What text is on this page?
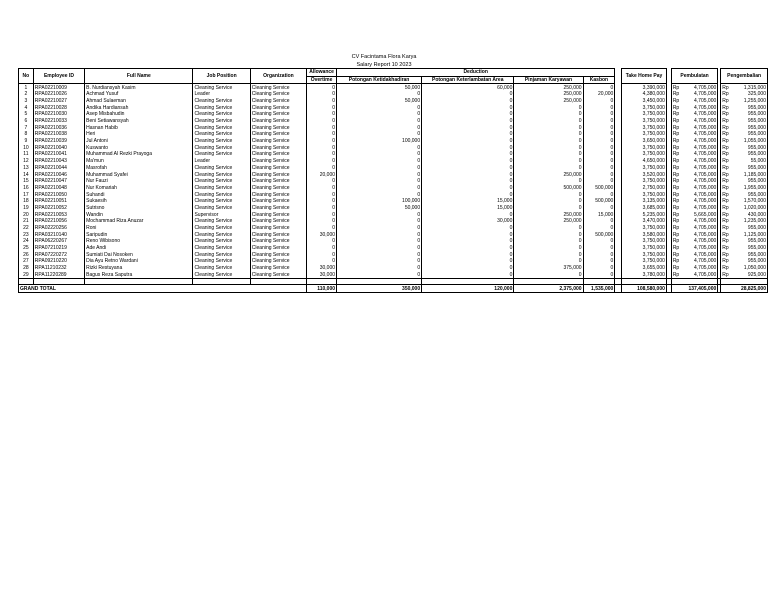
CV Facintama Flora Karya
Salary Report 10 2023
No	Employee ID	Full Name	Job Position	Organization	Allowance	Deduction					Take Home Pay		Pembulatan			Pengembalian	
					Overtime	Potongan Ketidakhadiran	Potongan Keterlambatan Area	Pinjaman Karyawan	Kasbon								
1	RPA02210009	B. Nurdiansyah Kasim	Cleaning Service	Cleaning Service	0	50,000	60,000	250,000	0		3,390,000		Rp	4,705,000		Rp	1,315,000
2	RPA02210026	Achmad Yusuf	Leader	Cleaning Service	0	0	0	250,000	20,000		4,380,000		Rp	4,705,000		Rp	325,000
3	RPA02210027	Ahmad Sulaeman	Cleaning Service	Cleaning Service	0	50,000	0	250,000	0		3,450,000		Rp	4,705,000		Rp	1,255,000
4	RPA02210028	Andika Hardiansah	Cleaning Service	Cleaning Service	0	0	0	0	0		3,750,000		Rp	4,705,000		Rp	955,000
5	RPA02210030	Asep Misbahudin	Cleaning Service	Cleaning Service	0	0	0	0	0		3,750,000		Rp	4,705,000		Rp	955,000
6	RPA02210033	Beni Setiawansyah	Cleaning Service	Cleaning Service	0	0	0	0	0		3,750,000		Rp	4,705,000		Rp	955,000
7	RPA02210036	Hasnan Habib	Cleaning Service	Cleaning Service	0	0	0	0	0		3,750,000		Rp	4,705,000		Rp	955,000
8	RPA02210038	Heri	Cleaning Service	Cleaning Service	0	0	0	0	0		3,750,000		Rp	4,705,000		Rp	955,000
9	RPA02210039	Jul Antoni	Cleaning Service	Cleaning Service	0	100,000	0	0	0		3,650,000		Rp	4,705,000		Rp	1,055,000
10	RPA02210040	Kuswanto	Cleaning Service	Cleaning Service	0	0	0	0	0		3,750,000		Rp	4,705,000		Rp	955,000
11	RPA02210041	Muhammad Al Rezki Prayoga	Cleaning Service	Cleaning Service	0	0	0	0	0		3,750,000		Rp	4,705,000		Rp	955,000
12	RPA02210043	Ma'mun	Leader	Cleaning Service	0	0	0	0	0		4,650,000		Rp	4,705,000		Rp	55,000
13	RPA02210044	Masrofah	Cleaning Service	Cleaning Service	0	0	0	0	0		3,750,000		Rp	4,705,000		Rp	955,000
14	RPA02210046	Muhammad Syafei	Cleaning Service	Cleaning Service	20,000	0	0	250,000	0		3,520,000		Rp	4,705,000		Rp	1,185,000
15	RPA02210047	Nur Fauzi	Cleaning Service	Cleaning Service	0	0	0	0	0		3,750,000		Rp	4,705,000		Rp	955,000
16	RPA02210048	Nur Komariah	Cleaning Service	Cleaning Service	0	0	0	500,000	500,000		2,750,000		Rp	4,705,000		Rp	1,955,000
17	RPA02210050	Suhandi	Cleaning Service	Cleaning Service	0	0	0	0	0		3,750,000		Rp	4,705,000		Rp	955,000
18	RPA02210051	Sukaesih	Cleaning Service	Cleaning Service	0	100,000	15,000	0	500,000		3,135,000		Rp	4,705,000		Rp	1,570,000
19	RPA02210052	Sutrisno	Cleaning Service	Cleaning Service	0	50,000	15,000	0	0		3,685,000		Rp	4,705,000		Rp	1,020,000
20	RPA02210053	Wandin	Supervisor	Cleaning Service	0	0	0	250,000	15,000		5,235,000		Rp	5,665,000		Rp	430,000
21	RPA02210056	Mochammad Riza Anuzar	Cleaning Service	Cleaning Service	0	0	30,000	250,000	0		3,470,000		Rp	4,705,000		Rp	1,235,000
22	RPA02220256	Roni	Cleaning Service	Cleaning Service	0	0	0	0	0		3,750,000		Rp	4,705,000		Rp	955,000
23	RPA03210140	Saripudin	Cleaning Service	Cleaning Service	30,000	0	0	0	500,000		3,580,000		Rp	4,705,000		Rp	1,125,000
24	RPA06220267	Reno Wibisono	Cleaning Service	Cleaning Service	0	0	0	0	0		3,750,000		Rp	4,705,000		Rp	955,000
25	RPA07210219	Ade Andi	Cleaning Service	Cleaning Service	0	0	0	0	0		3,750,000		Rp	4,705,000		Rp	955,000
26	RPA07220272	Sumiati Dai Nosoken	Cleaning Service	Cleaning Service	0	0	0	0	0		3,750,000		Rp	4,705,000		Rp	955,000
27	RPA09210220	Dia Ayu Retno Wardani	Cleaning Service	Cleaning Service	0	0	0	0	0		3,750,000		Rp	4,705,000		Rp	955,000
28	RPA11210232	Rizki Restuyana	Cleaning Service	Cleaning Service	30,000	0	0	375,000	0		3,655,000		Rp	4,705,000		Rp	1,050,000
29	RPA11220289	Bagus Reza Saputra	Cleaning Service	Cleaning Service	30,000	0	0	0	0		3,780,000		Rp	4,705,000		Rp	925,000

GRAND TOTAL					110,000	350,000	120,000	2,375,000	1,535,000		108,580,000		137,405,000			28,825,000	
